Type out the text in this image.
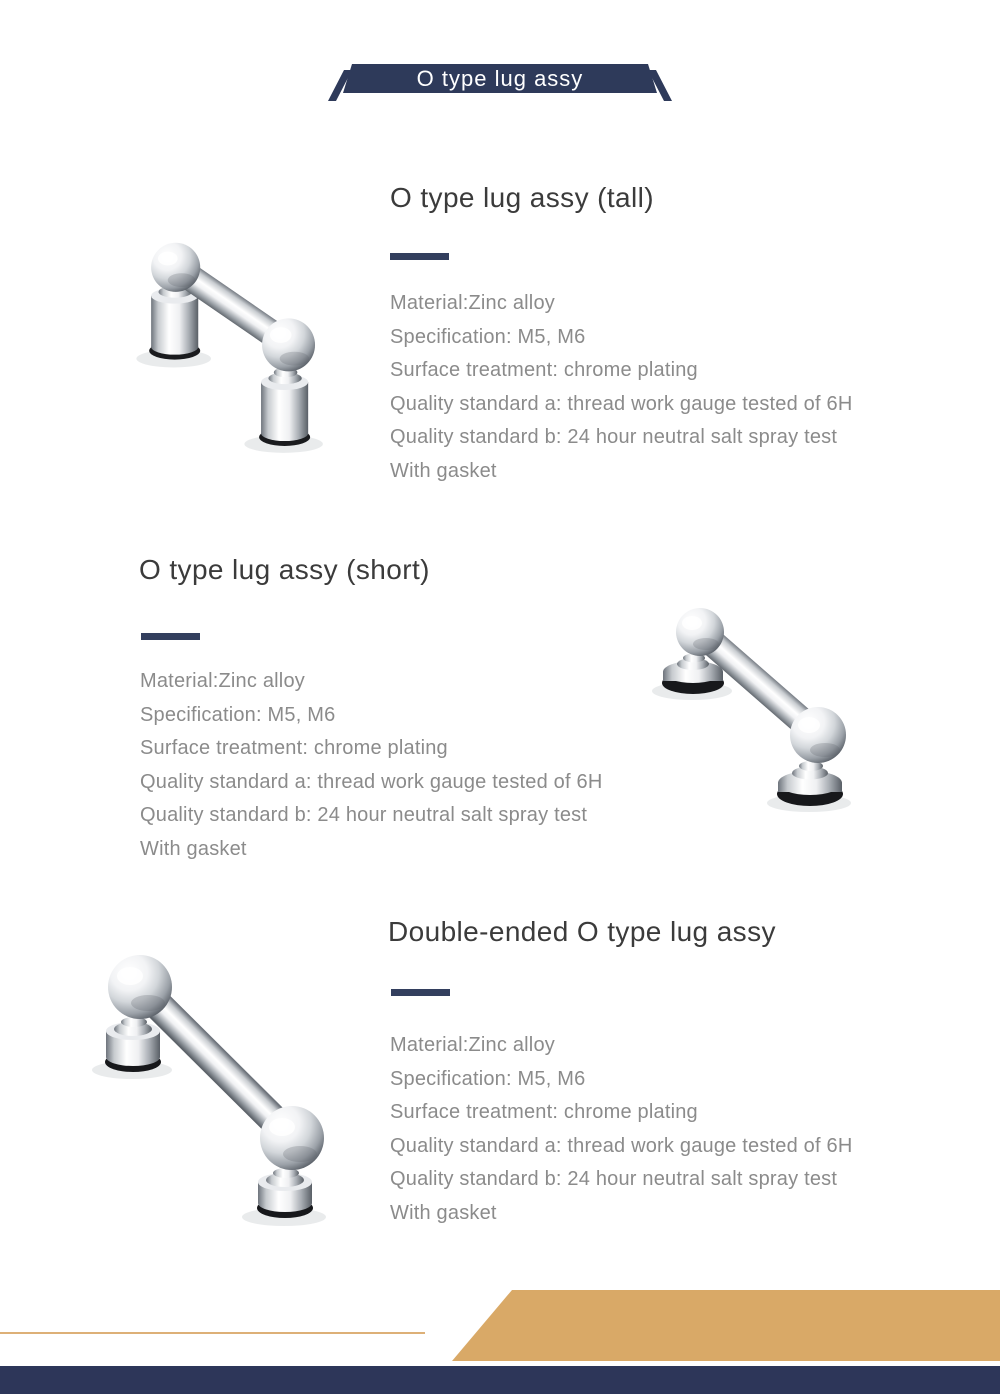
O type lug assy
O type lug assy (tall)

Material:Zinc alloy

Specification: M5, M6

Surface treatment: chrome plating

Quality standard a: thread work gauge tested of 6H

Quality standard b: 24 hour neutral salt spray test

With gasket

O type lug assy (short)

Material:Zinc alloy

Specification: M5, M6

Surface treatment: chrome plating

Quality standard a: thread work gauge tested of 6H

Quality standard b: 24 hour neutral salt spray test

With gasket

Double-ended O type lug assy

Material:Zinc alloy

Specification: M5, M6

Surface treatment: chrome plating

Quality standard a: thread work gauge tested of 6H

Quality standard b: 24 hour neutral salt spray test

With gasket
